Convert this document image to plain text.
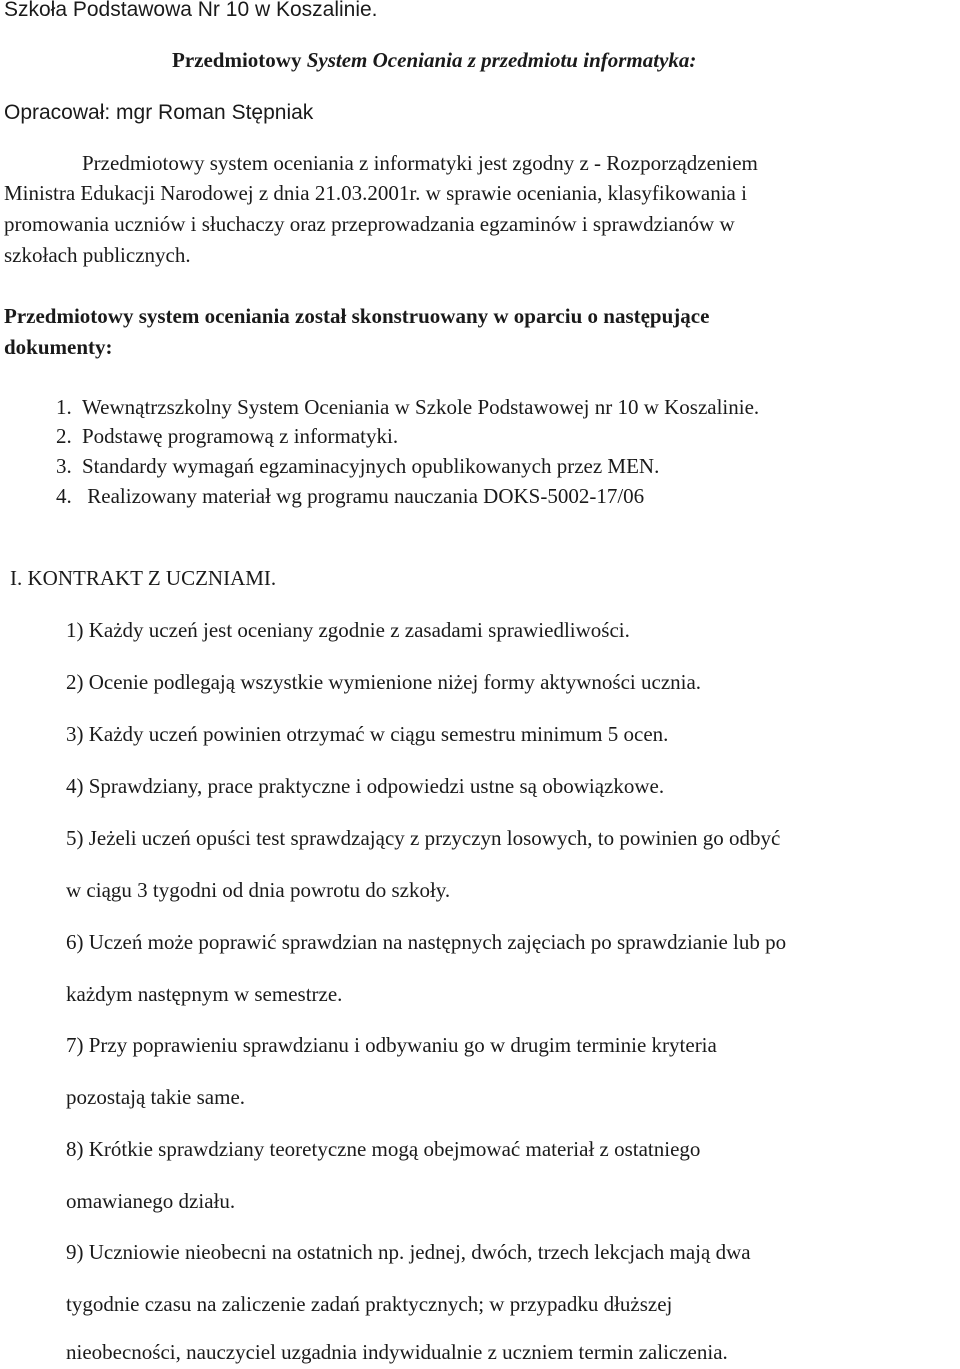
Szkoła Podstawowa Nr 10 w Koszalinie.

Przedmiotowy System Oceniania z przedmiotu informatyka:

Opracował: mgr Roman Stępniak

Przedmiotowy system oceniania z informatyki jest zgodny z - Rozporządzeniem

Ministra Edukacji Narodowej z dnia 21.03.2001r. w sprawie oceniania, klasyfikowania i

promowania uczniów i słuchaczy oraz przeprowadzania egzaminów i sprawdzianów w

szkołach publicznych.

Przedmiotowy system oceniania został skonstruowany w oparciu o następujące

dokumenty:

1. Wewnątrzszkolny System Oceniania w Szkole Podstawowej nr 10 w Koszalinie.

2. Podstawę programową z informatyki.

3. Standardy wymagań egzaminacyjnych opublikowanych przez MEN.

4. Realizowany materiał wg programu nauczania DOKS-5002-17/06

I. KONTRAKT Z UCZNIAMI.

1) Każdy uczeń jest oceniany zgodnie z zasadami sprawiedliwości.

2) Ocenie podlegają wszystkie wymienione niżej formy aktywności ucznia.

3) Każdy uczeń powinien otrzymać w ciągu semestru minimum 5 ocen.

4) Sprawdziany, prace praktyczne i odpowiedzi ustne są obowiązkowe.

5) Jeżeli uczeń opuści test sprawdzający z przyczyn losowych, to powinien go odbyć

w ciągu 3 tygodni od dnia powrotu do szkoły.

6) Uczeń może poprawić sprawdzian na następnych zajęciach po sprawdzianie lub po

każdym następnym w semestrze.

7) Przy poprawieniu sprawdzianu i odbywaniu go w drugim terminie kryteria

pozostają takie same.

8) Krótkie sprawdziany teoretyczne mogą obejmować materiał z ostatniego

omawianego działu.

9) Uczniowie nieobecni na ostatnich np. jednej, dwóch, trzech lekcjach mają dwa

tygodnie czasu na zaliczenie zadań praktycznych; w przypadku dłuższej

nieobecności, nauczyciel uzgadnia indywidualnie z uczniem termin zaliczenia.
